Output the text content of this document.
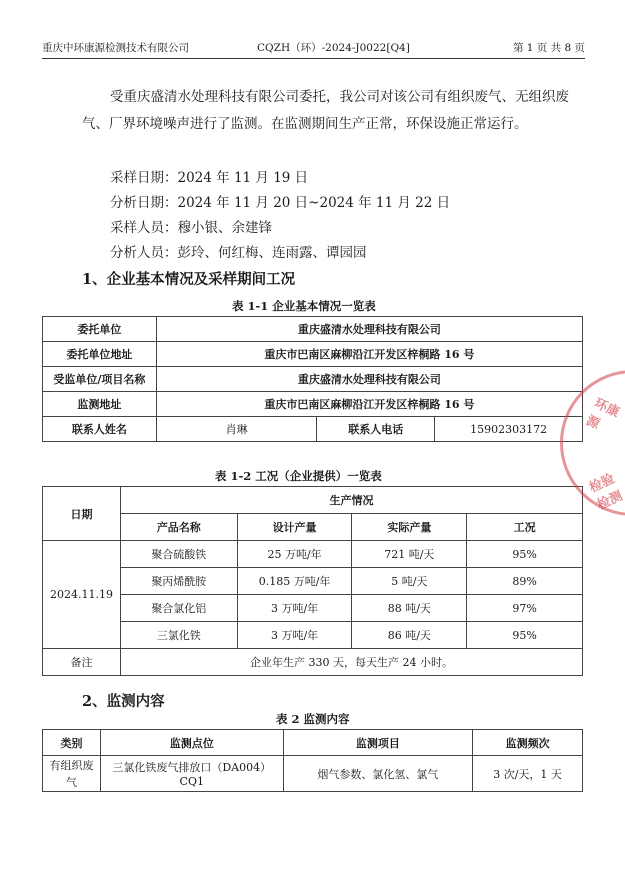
重庆中环康源检测技术有限公司	CQZH（环）-2024-J0022[Q4]	第 1 页 共 8 页
受重庆盛清水处理科技有限公司委托，我公司对该公司有组织废气、无组织废气、厂界环境噪声进行了监测。在监测期间生产正常，环保设施正常运行。
采样日期：2024 年 11 月 19 日
分析日期：2024 年 11 月 20 日~2024 年 11 月 22 日
采样人员：穆小银、余建锋
分析人员：彭玲、何红梅、连雨露、谭园园
1、企业基本情况及采样期间工况
表 1-1 企业基本情况一览表
委托单位	重庆盛清水处理科技有限公司		
委托单位地址	重庆市巴南区麻柳沿江开发区梓桐路 16 号		
受监单位/项目名称	重庆盛清水处理科技有限公司		
监测地址	重庆市巴南区麻柳沿江开发区梓桐路 16 号		
联系人姓名	肖琳	联系人电话	15902303172
表 1-2 工况（企业提供）一览表
日期	生产情况			
	产品名称	设计产量	实际产量	工况
2024.11.19	聚合硫酸铁	25 万吨/年	721 吨/天	95%
	聚丙烯酰胺	0.185 万吨/年	5 吨/天	89%
	聚合氯化铝	3 万吨/年	88 吨/天	97%
	三氯化铁	3 万吨/年	86 吨/天	95%
备注	企业年生产 330 天，每天生产 24 小时。			
2、监测内容
表 2 监测内容
类别	监测点位	监测项目	监测频次
有组织废气	三氯化铁废气排放口（DA004）CQ1	烟气参数、氯化氢、氯气	3 次/天，1 天
环康源
检验检测
